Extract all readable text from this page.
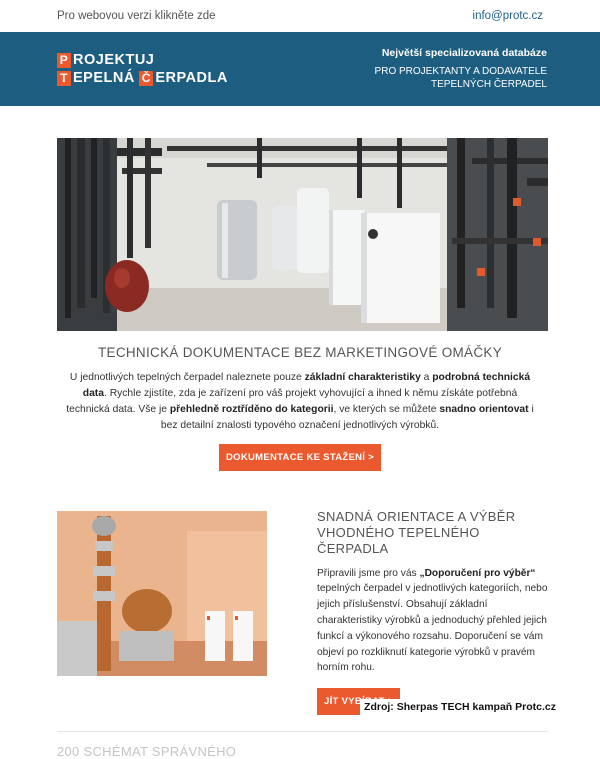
Pro webovou verzi klikněte zde	info@protc.cz
P ROJEKTUJ
T EPELNÁ Č ERPADLA
Největší specializovaná databáze
PRO PROJEKTANTY A DODAVATELE
TEPELNÝCH ČERPADEL
TECHNICKÁ DOKUMENTACE BEZ MARKETINGOVÉ OMÁČKY
U jednotlivých tepelných čerpadel naleznete pouze základní charakteristiky a podrobná technická data. Rychle zjistíte, zda je zařízení pro váš projekt vyhovující a ihned k němu získáte potřebná technická data. Vše je přehledně roztříděno do kategorii, ve kterých se můžete snadno orientovat i bez detailní znalosti typového označení jednotlivých výrobků.
DOKUMENTACE KE STAŽENÍ >
SNADNÁ ORIENTACE A VÝBĚR VHODNÉHO TEPELNÉHO ČERPADLA
Připravili jsme pro vás „Doporučení pro výběr“ tepelných čerpadel v jednotlivých kategoriích, nebo jejich příslušenství. Obsahují základní charakteristiky výrobků a jednoduchý přehled jejich funkcí a výkonového rozsahu. Doporučení se vám objeví po rozkliknutí kategorie výrobků v pravém horním rohu.
JÍT VYBÍRAT >
200 SCHÉMAT SPRÁVNÉHO
Zdroj: Sherpas TECH kampaň Protc.cz
